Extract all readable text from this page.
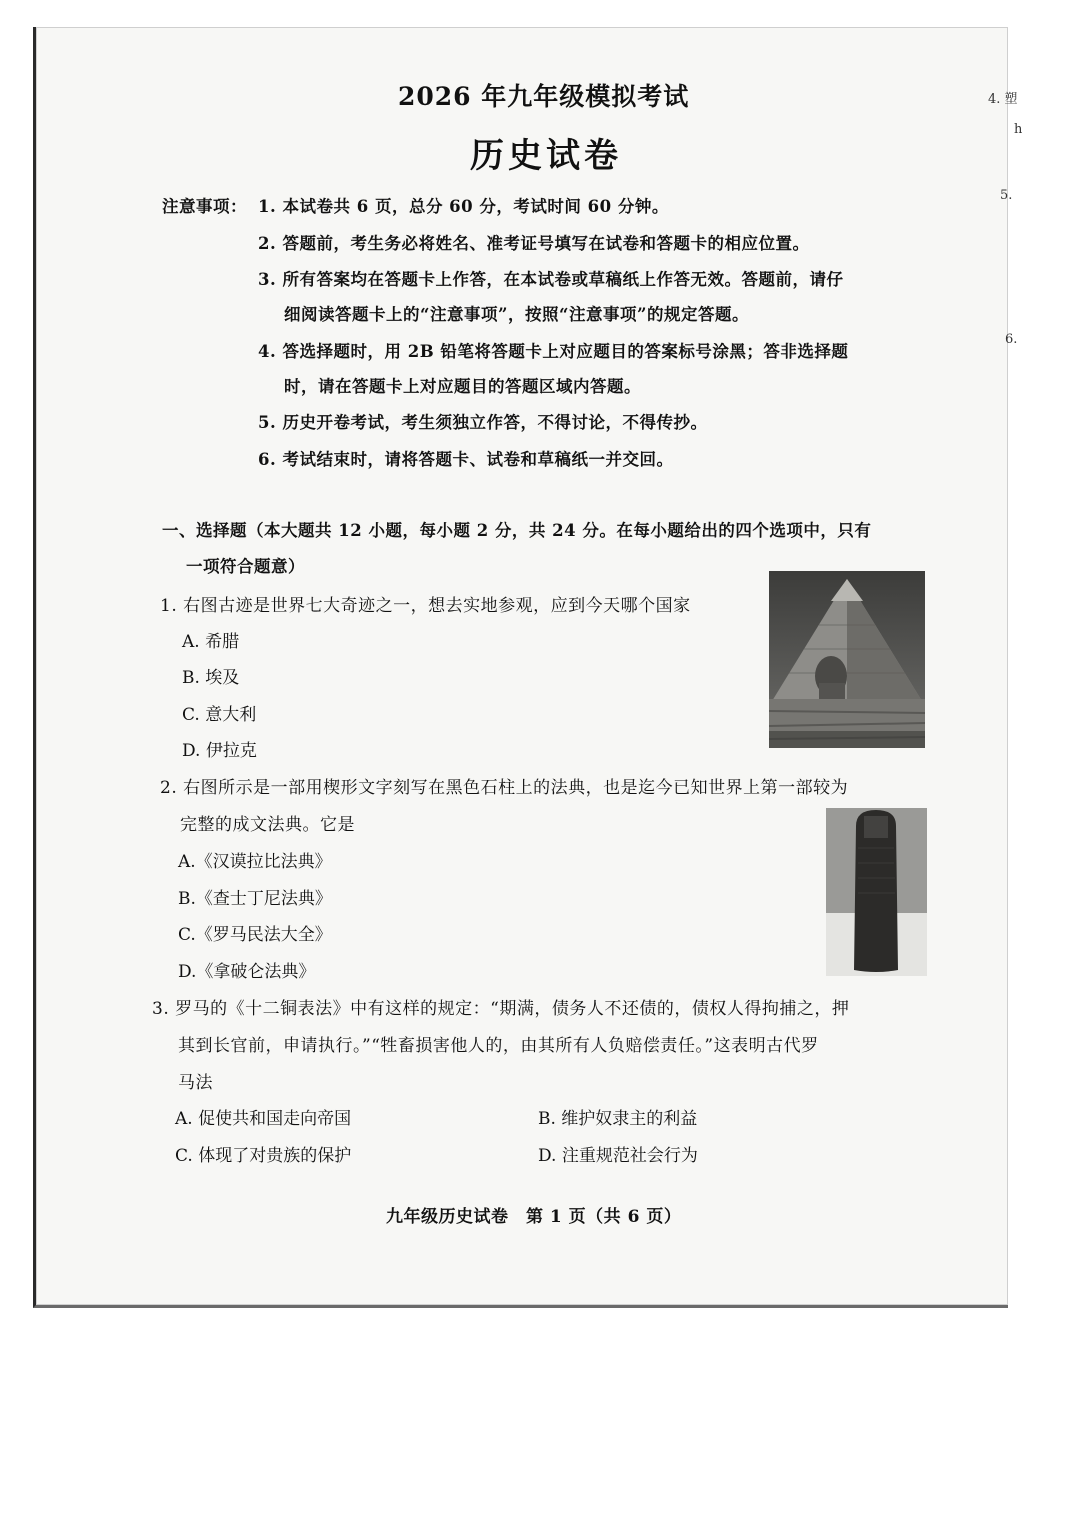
2026 年九年级模拟考试
历史试卷
注意事项： 1. 本试卷共 6 页，总分 60 分，考试时间 60 分钟。
2. 答题前，考生务必将姓名、准考证号填写在试卷和答题卡的相应位置。
3. 所有答案均在答题卡上作答，在本试卷或草稿纸上作答无效。答题前，请仔
细阅读答题卡上的“注意事项”，按照“注意事项”的规定答题。
4. 答选择题时，用 2B 铅笔将答题卡上对应题目的答案标号涂黑；答非选择题
时，请在答题卡上对应题目的答题区域内答题。
5. 历史开卷考试，考生须独立作答，不得讨论，不得传抄。
6. 考试结束时，请将答题卡、试卷和草稿纸一并交回。
一、选择题（本大题共 12 小题，每小题 2 分，共 24 分。在每小题给出的四个选项中，只有
一项符合题意）
1. 右图古迹是世界七大奇迹之一，想去实地参观，应到今天哪个国家
A. 希腊
B. 埃及
C. 意大利
D. 伊拉克
2. 右图所示是一部用楔形文字刻写在黑色石柱上的法典，也是迄今已知世界上第一部较为
完整的成文法典。它是
A.《汉谟拉比法典》
B.《查士丁尼法典》
C.《罗马民法大全》
D.《拿破仑法典》
3. 罗马的《十二铜表法》中有这样的规定：“期满，债务人不还债的，债权人得拘捕之，押
其到长官前，申请执行。”“牲畜损害他人的，由其所有人负赔偿责任。”这表明古代罗
马法
A. 促使共和国走向帝国	B. 维护奴隶主的利益
C. 体现了对贵族的保护	D. 注重规范社会行为
九年级历史试卷　第 1 页（共 6 页）
4. 塑
h
5.
6.
